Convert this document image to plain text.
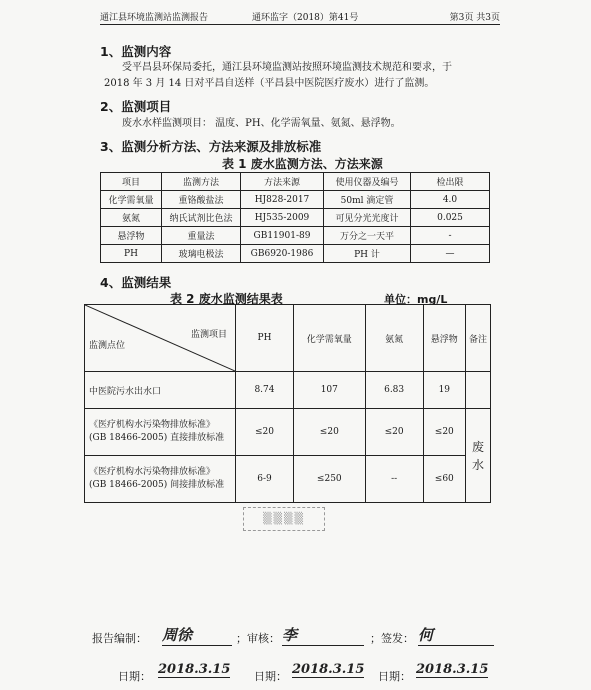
通江县环境监测站监测报告	通环监字（2018）第41号	第3页 共3页
1、监测内容
受平昌县环保局委托，通江县环境监测站按照环境监测技术规范和要求，于
2018 年 3 月 14 日对平昌自送样（平昌县中医院医疗废水）进行了监测。
2、监测项目
废水水样监测项目： 温度、PH、化学需氧量、氨氮、悬浮物。
3、监测分析方法、方法来源及排放标准
表 1 废水监测方法、方法来源
项目	监测方法	方法来源	使用仪器及编号	检出限
化学需氧量	重铬酸盐法	HJ828-2017	50ml 滴定管	4.0
氨氮	纳氏试剂比色法	HJ535-2009	可见分光光度计	0.025
悬浮物	重量法	GB11901-89	万分之一天平	-
PH	玻璃电极法	GB6920-1986	PH 计	—
4、监测结果
表 2 废水监测结果表	单位：mg/L
监测项目
监测点位	PH	化学需氧量	氨氮	悬浮物	备注
中医院污水出水口	8.74	107	6.83	19	
《医疗机构水污染物排放标准》(GB 18466-2005) 直接排放标准	≤20	≤20	≤20	≤20	废水
《医疗机构水污染物排放标准》(GB 18466-2005) 间接排放标准	6-9	≤250	--	≤60	
▒▒▒▒
报告编制： 周徐	；审核： 李	；签发： 何
日期： 2018.3.15 日期： 2018.3.15 日期： 2018.3.15
